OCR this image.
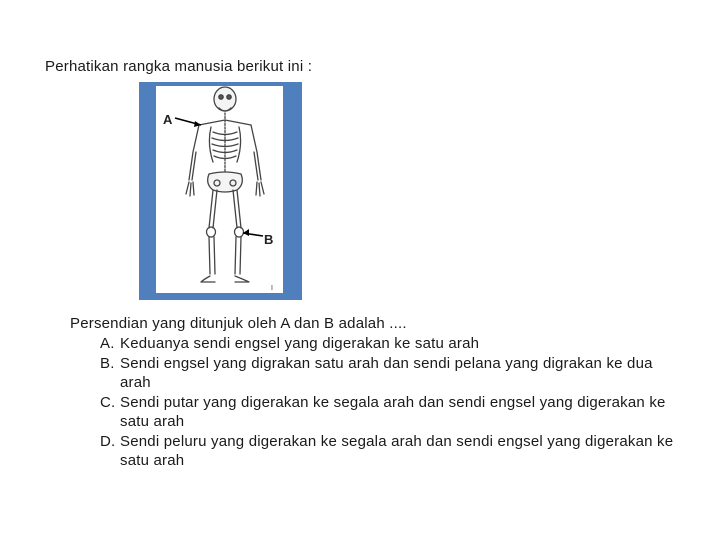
Perhatikan rangka manusia berikut ini :
A
B
I
Persendian yang ditunjuk oleh A dan B adalah ....
A. Keduanya sendi engsel yang digerakan ke satu arah
B. Sendi engsel yang digrakan satu arah dan sendi pelana yang digrakan ke dua arah
C. Sendi putar yang digerakan ke segala arah dan sendi engsel yang digerakan ke satu arah
D. Sendi peluru yang digerakan ke segala arah dan sendi engsel yang digerakan ke satu arah
